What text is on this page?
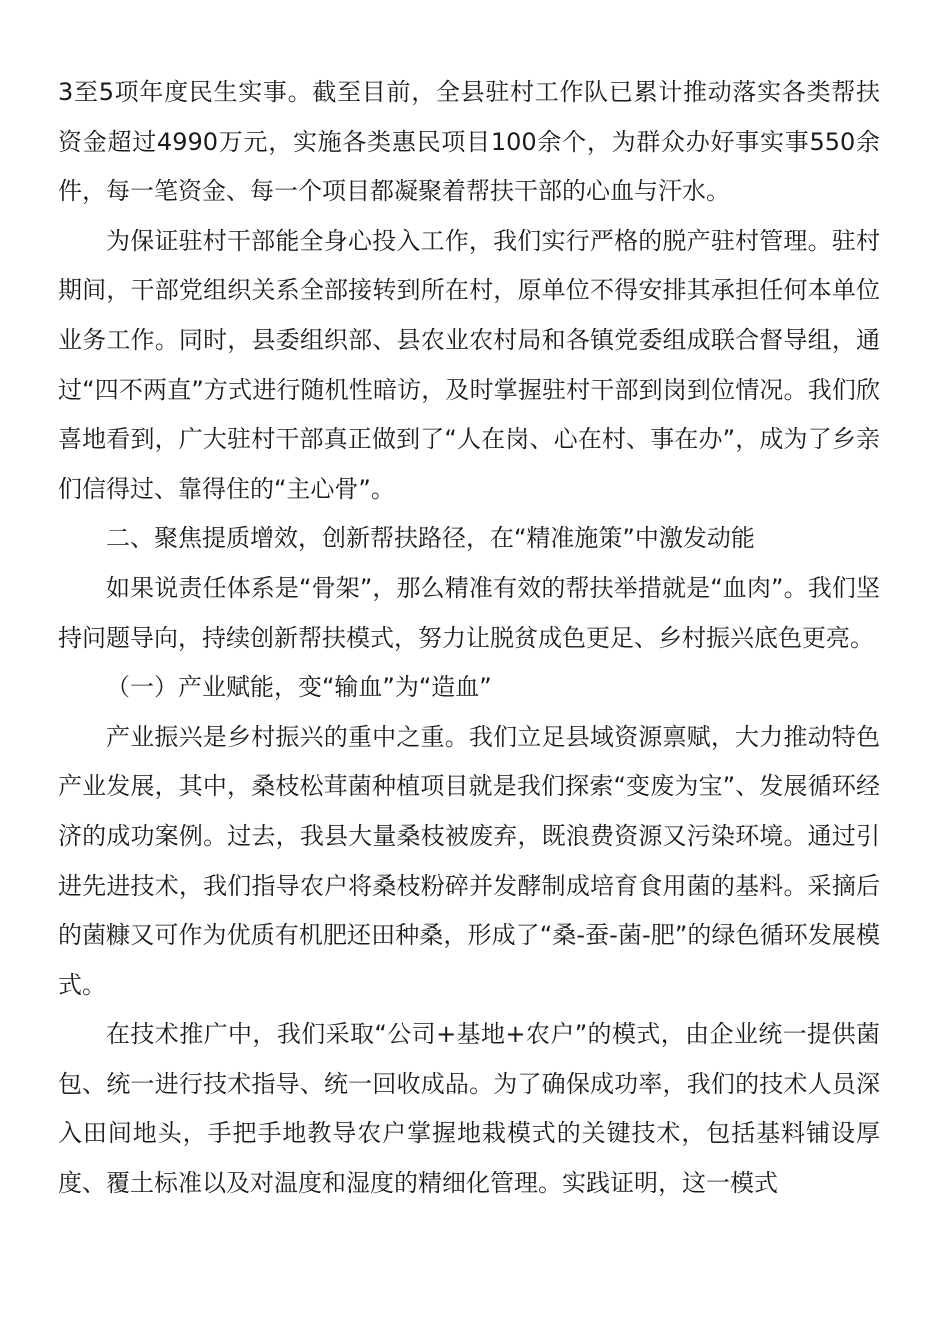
3至5项年度民生实事。截至目前，全县驻村工作队已累计推动落实各类帮扶资金超过4990万元，实施各类惠民项目100余个，为群众办好事实事550余件，每一笔资金、每一个项目都凝聚着帮扶干部的心血与汗水。

为保证驻村干部能全身心投入工作，我们实行严格的脱产驻村管理。驻村期间，干部党组织关系全部接转到所在村，原单位不得安排其承担任何本单位业务工作。同时，县委组织部、县农业农村局和各镇党委组成联合督导组，通过“四不两直”方式进行随机性暗访，及时掌握驻村干部到岗到位情况。我们欣喜地看到，广大驻村干部真正做到了“人在岗、心在村、事在办”，成为了乡亲们信得过、靠得住的“主心骨”。

二、聚焦提质增效，创新帮扶路径，在“精准施策”中激发动能

如果说责任体系是“骨架”，那么精准有效的帮扶举措就是“血肉”。我们坚持问题导向，持续创新帮扶模式，努力让脱贫成色更足、乡村振兴底色更亮。

（一）产业赋能，变“输血”为“造血”

产业振兴是乡村振兴的重中之重。我们立足县域资源禀赋，大力推动特色产业发展，其中，桑枝松茸菌种植项目就是我们探索“变废为宝”、发展循环经济的成功案例。过去，我县大量桑枝被废弃，既浪费资源又污染环境。通过引进先进技术，我们指导农户将桑枝粉碎并发酵制成培育食用菌的基料。采摘后的菌糠又可作为优质有机肥还田种桑，形成了“桑-蚕-菌-肥”的绿色循环发展模式。

在技术推广中，我们采取“公司+基地+农户”的模式，由企业统一提供菌包、统一进行技术指导、统一回收成品。为了确保成功率，我们的技术人员深入田间地头，手把手地教导农户掌握地栽模式的关键技术，包括基料铺设厚度、覆土标准以及对温度和湿度的精细化管理。实践证明，这一模式
